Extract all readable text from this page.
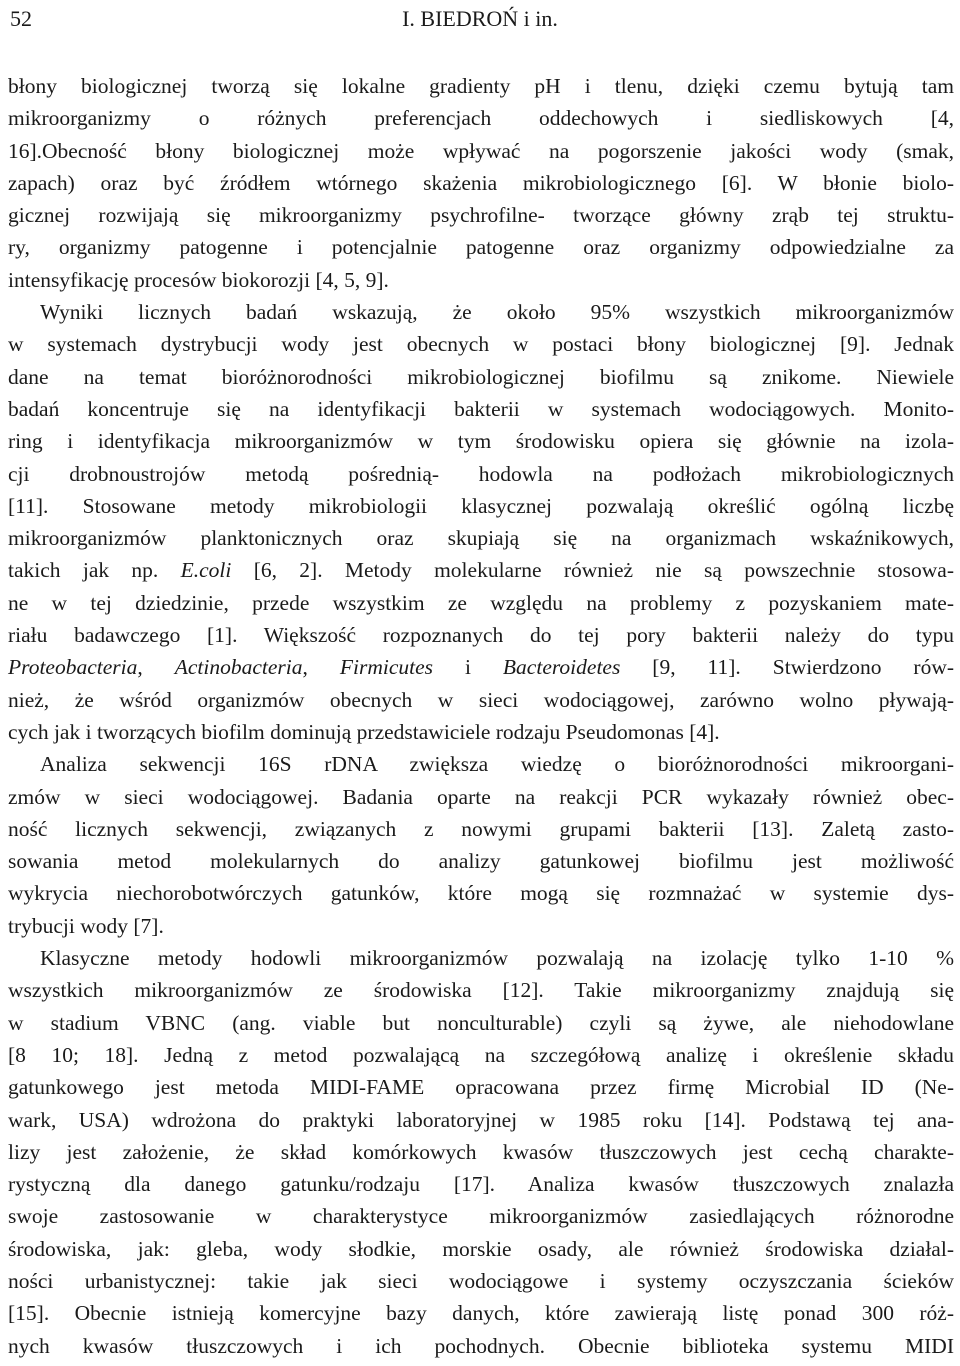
52	I. BIEDROŃ i in.
błony biologicznej tworzą się lokalne gradienty pH i tlenu, dzięki czemu bytują tam
mikroorganizmy o różnych preferencjach oddechowych i siedliskowych [4,
16].Obecność błony biologicznej może wpływać na pogorszenie jakości wody (smak,
zapach) oraz być źródłem wtórnego skażenia mikrobiologicznego [6]. W błonie biolo-
gicznej rozwijają się mikroorganizmy psychrofilne- tworzące główny zrąb tej struktu-
ry, organizmy patogenne i potencjalnie patogenne oraz organizmy odpowiedzialne za
intensyfikację procesów biokorozji [4, 5, 9].
Wyniki licznych badań wskazują, że około 95% wszystkich mikroorganizmów
w systemach dystrybucji wody jest obecnych w postaci błony biologicznej [9]. Jednak
dane na temat bioróżnorodności mikrobiologicznej biofilmu są znikome. Niewiele
badań koncentruje się na identyfikacji bakterii w systemach wodociągowych. Monito-
ring i identyfikacja mikroorganizmów w tym środowisku opiera się głównie na izola-
cji drobnoustrojów metodą pośrednią- hodowla na podłożach mikrobiologicznych
[11]. Stosowane metody mikrobiologii klasycznej pozwalają określić ogólną liczbę
mikroorganizmów planktonicznych oraz skupiają się na organizmach wskaźnikowych,
takich jak np. E.coli [6, 2]. Metody molekularne również nie są powszechnie stosowa-
ne w tej dziedzinie, przede wszystkim ze względu na problemy z pozyskaniem mate-
riału badawczego [1]. Większość rozpoznanych do tej pory bakterii należy do typu
Proteobacteria, Actinobacteria, Firmicutes i Bacteroidetes [9, 11]. Stwierdzono rów-
nież, że wśród organizmów obecnych w sieci wodociągowej, zarówno wolno pływają-
cych jak i tworzących biofilm dominują przedstawiciele rodzaju Pseudomonas [4].
Analiza sekwencji 16S rDNA zwiększa wiedzę o bioróżnorodności mikroorgani-
zmów w sieci wodociągowej. Badania oparte na reakcji PCR wykazały również obec-
ność licznych sekwencji, związanych z nowymi grupami bakterii [13]. Zaletą zasto-
sowania metod molekularnych do analizy gatunkowej biofilmu jest możliwość
wykrycia niechorobotwórczych gatunków, które mogą się rozmnażać w systemie dys-
trybucji wody [7].
Klasyczne metody hodowli mikroorganizmów pozwalają na izolację tylko 1-10 %
wszystkich mikroorganizmów ze środowiska [12]. Takie mikroorganizmy znajdują się
w stadium VBNC (ang. viable but nonculturable) czyli są żywe, ale niehodowlane
[8 10; 18]. Jedną z metod pozwalającą na szczegółową analizę i określenie składu
gatunkowego jest metoda MIDI-FAME opracowana przez firmę Microbial ID (Ne-
wark, USA) wdrożona do praktyki laboratoryjnej w 1985 roku [14]. Podstawą tej ana-
lizy jest założenie, że skład komórkowych kwasów tłuszczowych jest cechą charakte-
rystyczną dla danego gatunku/rodzaju [17]. Analiza kwasów tłuszczowych znalazła
swoje zastosowanie w charakterystyce mikroorganizmów zasiedlających różnorodne
środowiska, jak: gleba, wody słodkie, morskie osady, ale również środowiska działal-
ności urbanistycznej: takie jak sieci wodociągowe i systemy oczyszczania ścieków
[15]. Obecnie istnieją komercyjne bazy danych, które zawierają listę ponad 300 róż-
nych kwasów tłuszczowych i ich pochodnych. Obecnie biblioteka systemu MIDI
